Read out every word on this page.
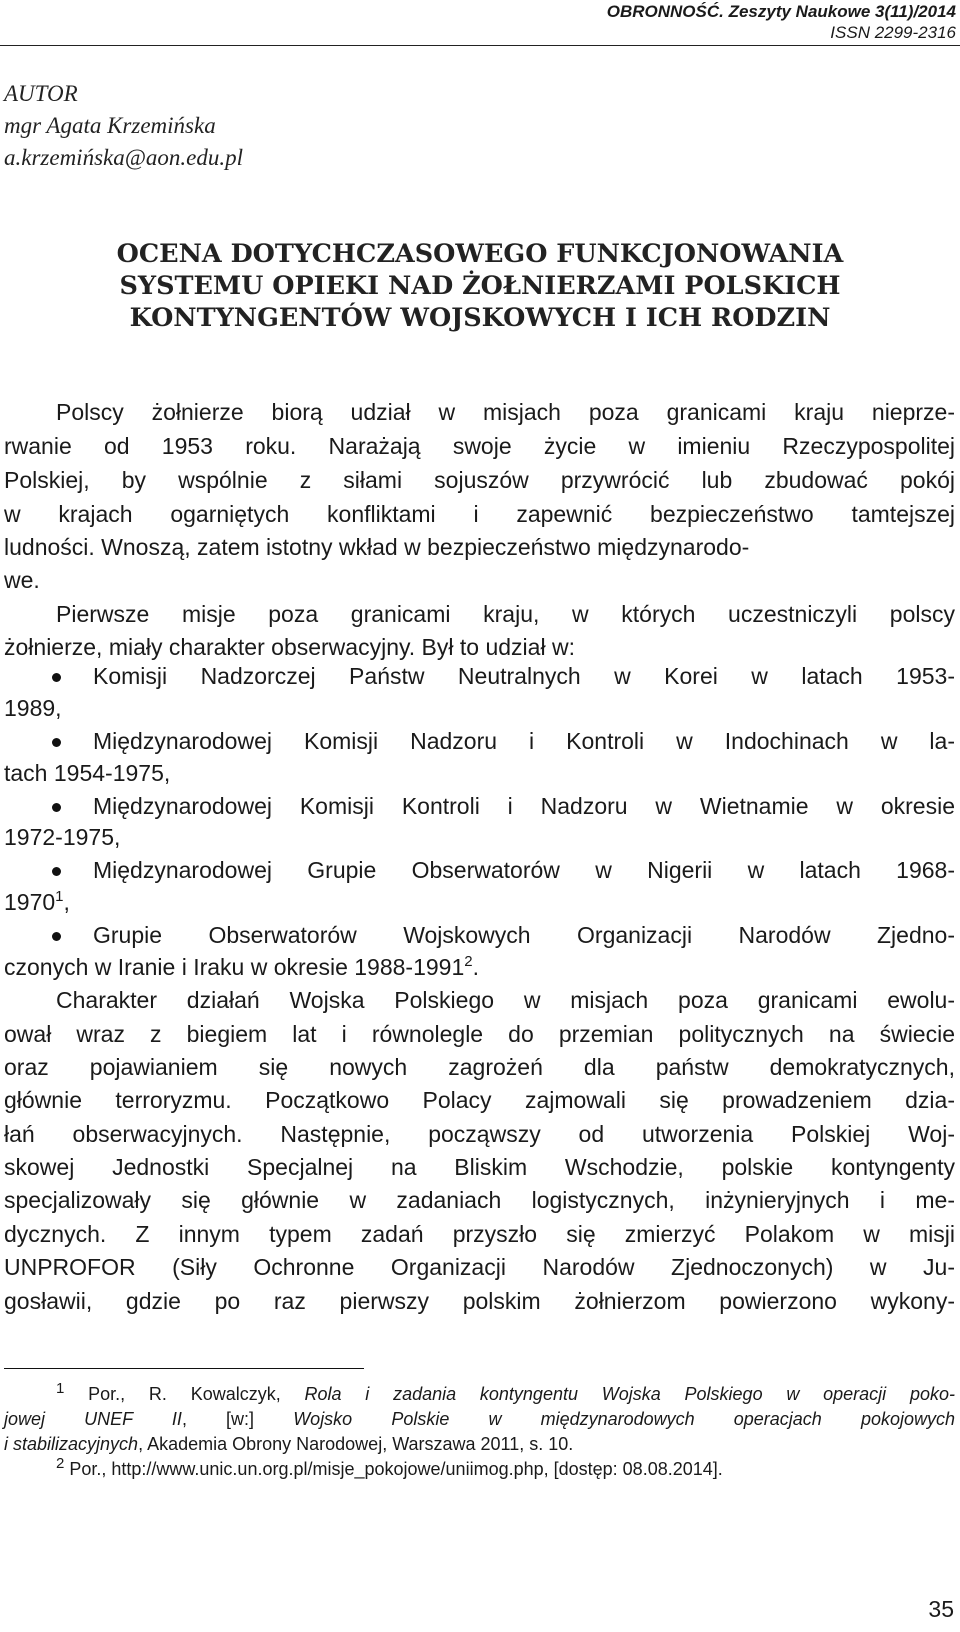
OBRONNOŚĆ. Zeszyty Naukowe 3(11)/2014
ISSN 2299-2316
AUTOR
mgr Agata Krzemińska
a.krzemińska@aon.edu.pl
OCENA DOTYCHCZASOWEGO FUNKCJONOWANIA
SYSTEMU OPIEKI NAD ŻOŁNIERZAMI POLSKICH
KONTYNGENTÓW WOJSKOWYCH I ICH RODZIN
Polscy żołnierze biorą udział w misjach poza granicami kraju nieprze-
rwanie od 1953 roku. Narażają swoje życie w imieniu Rzeczypospolitej
Polskiej, by wspólnie z siłami sojuszów przywrócić lub zbudować pokój
w krajach ogarniętych konfliktami i zapewnić bezpieczeństwo tamtejszej
ludności. Wnoszą, zatem istotny wkład w bezpieczeństwo międzynarodo-
we.
Pierwsze misje poza granicami kraju, w których uczestniczyli polscy
żołnierze, miały charakter obserwacyjny. Był to udział w:
Komisji Nadzorczej Państw Neutralnych w Korei w latach 1953-
1989,
Międzynarodowej Komisji Nadzoru i Kontroli w Indochinach w la-
tach 1954-1975,
Międzynarodowej Komisji Kontroli i Nadzoru w Wietnamie w okresie
1972-1975,
Międzynarodowej Grupie Obserwatorów w Nigerii w latach 1968-
1970$^1$,
Grupie Obserwatorów Wojskowych Organizacji Narodów Zjedno-
czonych w Iranie i Iraku w okresie 1988-1991$^2$.
Charakter działań Wojska Polskiego w misjach poza granicami ewolu-
ował wraz z biegiem lat i równolegle do przemian politycznych na świecie
oraz pojawianiem się nowych zagrożeń dla państw demokratycznych,
głównie terroryzmu. Początkowo Polacy zajmowali się prowadzeniem dzia-
łań obserwacyjnych. Następnie, począwszy od utworzenia Polskiej Woj-
skowej Jednostki Specjalnej na Bliskim Wschodzie, polskie kontyngenty
specjalizowały się głównie w zadaniach logistycznych, inżynieryjnych i me-
dycznych. Z innym typem zadań przyszło się zmierzyć Polakom w misji
UNPROFOR (Siły Ochronne Organizacji Narodów Zjednoczonych) w Ju-
gosławii, gdzie po raz pierwszy polskim żołnierzom powierzono wykony-
$^1$ Por., R. Kowalczyk, Rola i zadania kontyngentu Wojska Polskiego w operacji poko-
jowej UNEF II, [w:] Wojsko Polskie w międzynarodowych operacjach pokojowych
i stabilizacyjnych, Akademia Obrony Narodowej, Warszawa 2011, s. 10.
$^2$ Por., http://www.unic.un.org.pl/misje_pokojowe/uniimog.php, [dostęp: 08.08.2014].
35
